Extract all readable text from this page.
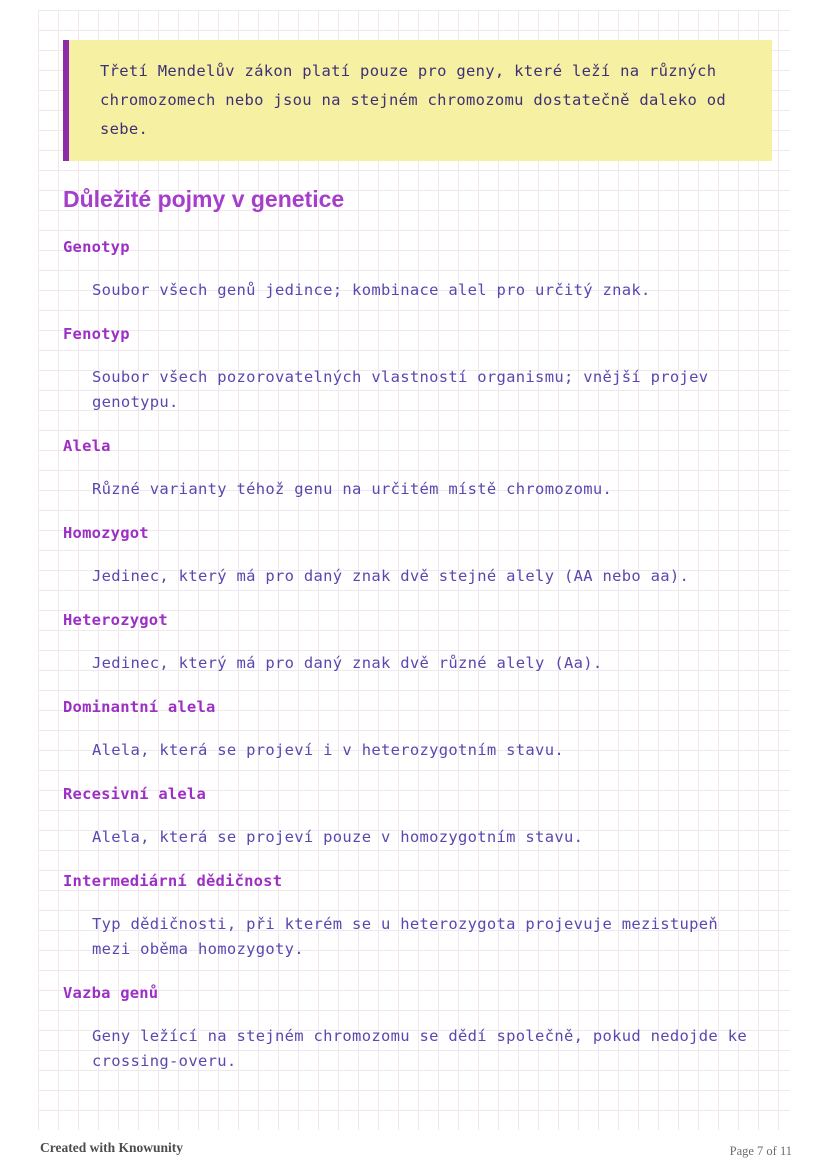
Třetí Mendelův zákon platí pouze pro geny, které leží na různých chromozomech nebo jsou na stejném chromozomu dostatečně daleko od sebe.
Důležité pojmy v genetice
Genotyp
Soubor všech genů jedince; kombinace alel pro určitý znak.
Fenotyp
Soubor všech pozorovatelných vlastností organismu; vnější projev genotypu.
Alela
Různé varianty téhož genu na určitém místě chromozomu.
Homozygot
Jedinec, který má pro daný znak dvě stejné alely (AA nebo aa).
Heterozygot
Jedinec, který má pro daný znak dvě různé alely (Aa).
Dominantní alela
Alela, která se projeví i v heterozygotním stavu.
Recesivní alela
Alela, která se projeví pouze v homozygotním stavu.
Intermediární dědičnost
Typ dědičnosti, při kterém se u heterozygota projevuje mezistupeň mezi oběma homozygoty.
Vazba genů
Geny ležící na stejném chromozomu se dědí společně, pokud nedojde ke crossing-overu.
Created with Knowunity	Page 7 of 11
